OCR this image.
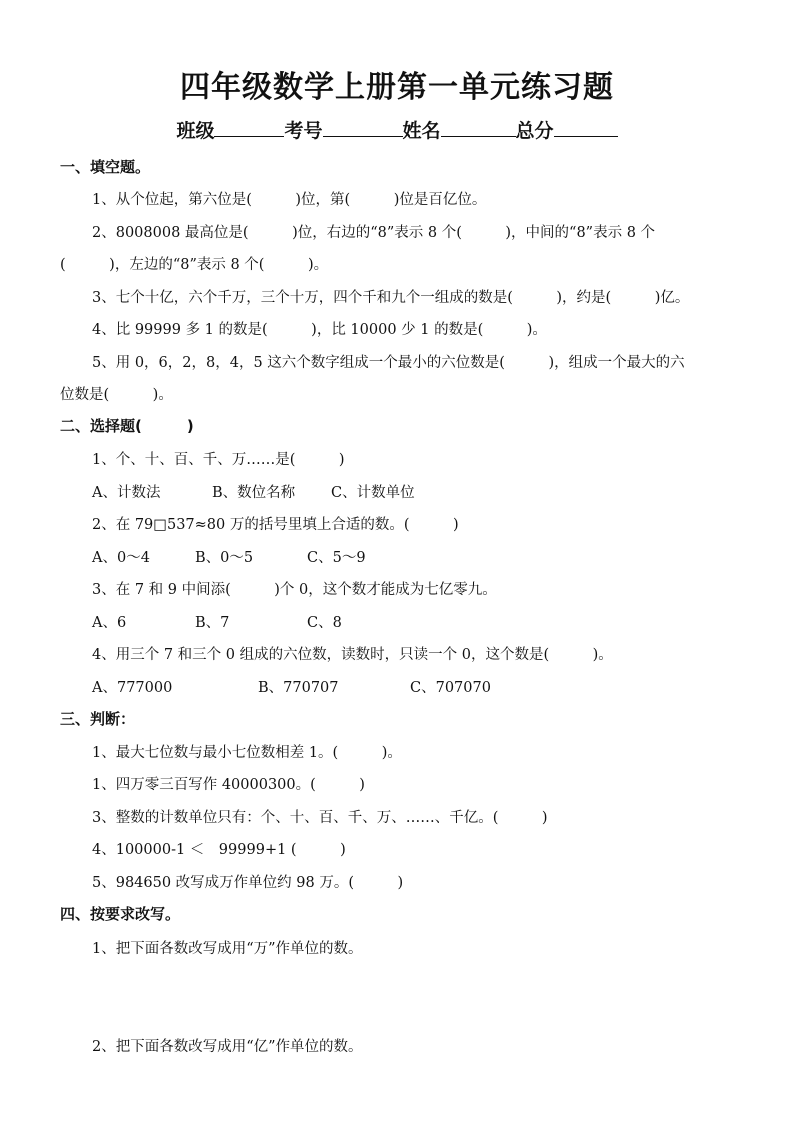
四年级数学上册第一单元练习题
班级	考号	姓名	总分
一、填空题。
1、从个位起，第六位是(　　　)位，第(　　　)位是百亿位。
2、8008008 最高位是(　　　)位，右边的“8”表示 8 个(　　　)，中间的“8”表示 8 个
(　　　)，左边的“8”表示 8 个(　　　)。
3、七个十亿，六个千万，三个十万，四个千和九个一组成的数是(　　　)，约是(　　　)亿。
4、比 99999 多 1 的数是(　　　)，比 10000 少 1 的数是(　　　)。
5、用 0，6，2，8，4，5 这六个数字组成一个最小的六位数是(　　　)，组成一个最大的六
位数是(　　　)。
二、选择题(　　　)
1、个、十、百、千、万……是(　　　)
A、计数法	B、数位名称 C、计数单位
2、在 79□537≈80 万的括号里填上合适的数。(　　　)
A、0～4	B、0～5	C、5～9
3、在 7 和 9 中间添(　　　)个 0，这个数才能成为七亿零九。
A、6	B、7	C、8
4、用三个 7 和三个 0 组成的六位数，读数时，只读一个 0，这个数是(　　　)。
A、777000	B、770707	C、707070
三、判断：
1、最大七位数与最小七位数相差 1。(　　　)。
1、四万零三百写作 40000300。(　　　)
3、整数的计数单位只有：个、十、百、千、万、……、千亿。(　　　)
4、100000-1 ＜　99999+1 (　　　)
5、984650 改写成万作单位约 98 万。(　　　)
四、按要求改写。
1、把下面各数改写成用“万”作单位的数。
2、把下面各数改写成用“亿”作单位的数。
